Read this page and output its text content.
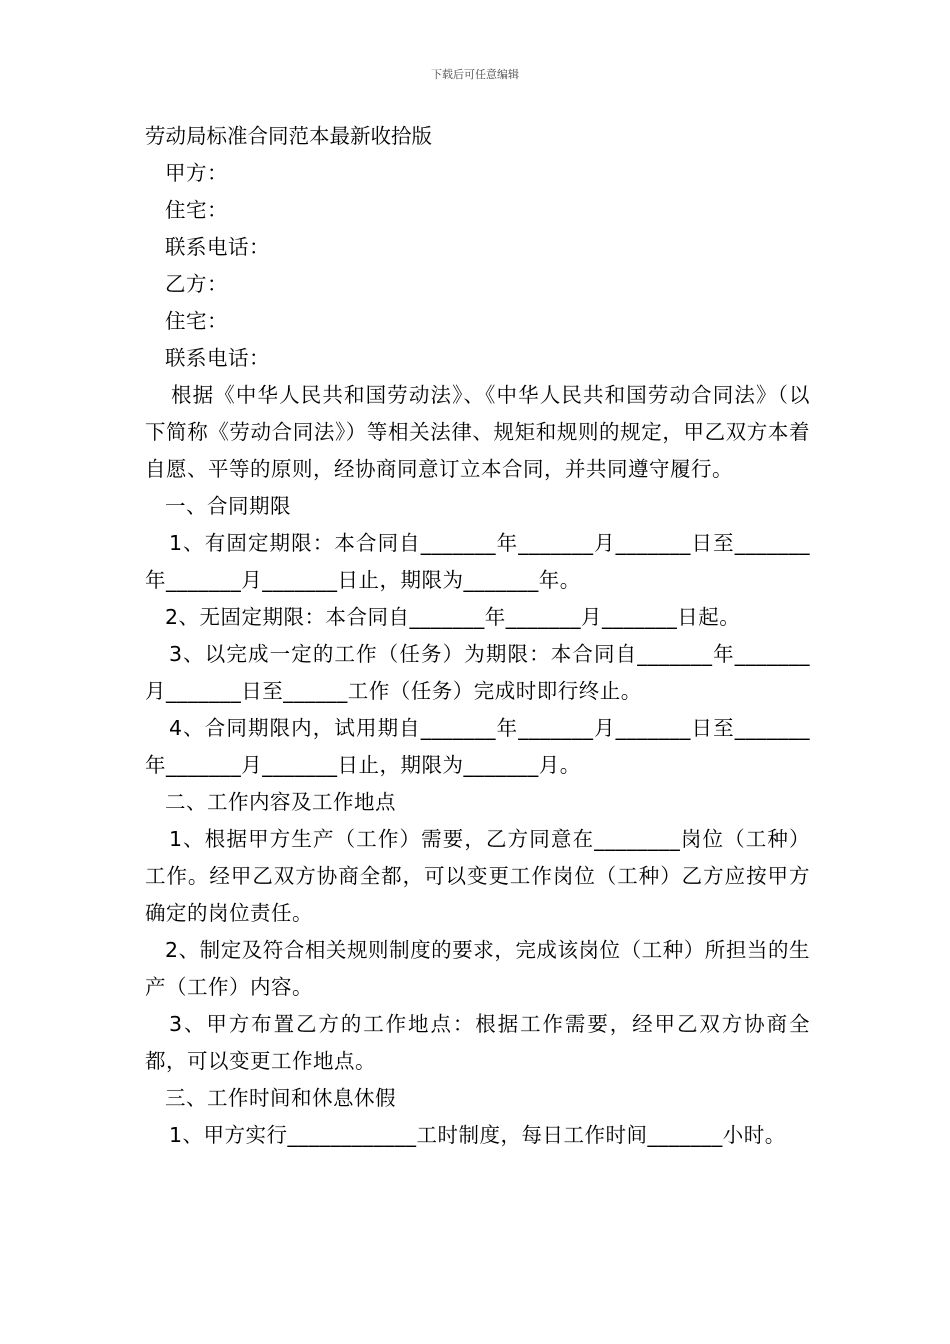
下载后可任意编辑

劳动局标准合同范本最新收拾版

甲方：

住宅：

联系电话：

乙方：

住宅：

联系电话：

根据《中华人民共和国劳动法》、《中华人民共和国劳动合同法》（以下简称《劳动合同法》）等相关法律、规矩和规则的规定，甲乙双方本着自愿、平等的原则，经协商同意订立本合同，并共同遵守履行。

一、合同期限

1、有固定期限：本合同自_______年_______月_______日至_______年_______月_______日止，期限为_______年。

2、无固定期限：本合同自_______年_______月_______日起。

3、以完成一定的工作（任务）为期限：本合同自_______年_______月_______日至______工作（任务）完成时即行终止。

4、合同期限内，试用期自_______年_______月_______日至_______年_______月_______日止，期限为_______月。

二、工作内容及工作地点

1、根据甲方生产（工作）需要，乙方同意在________岗位（工种）工作。经甲乙双方协商全都，可以变更工作岗位（工种）乙方应按甲方确定的岗位责任。

2、制定及符合相关规则制度的要求，完成该岗位（工种）所担当的生产（工作）内容。

3、甲方布置乙方的工作地点：根据工作需要，经甲乙双方协商全都，可以变更工作地点。

三、工作时间和休息休假

1、甲方实行____________工时制度，每日工作时间_______小时。
